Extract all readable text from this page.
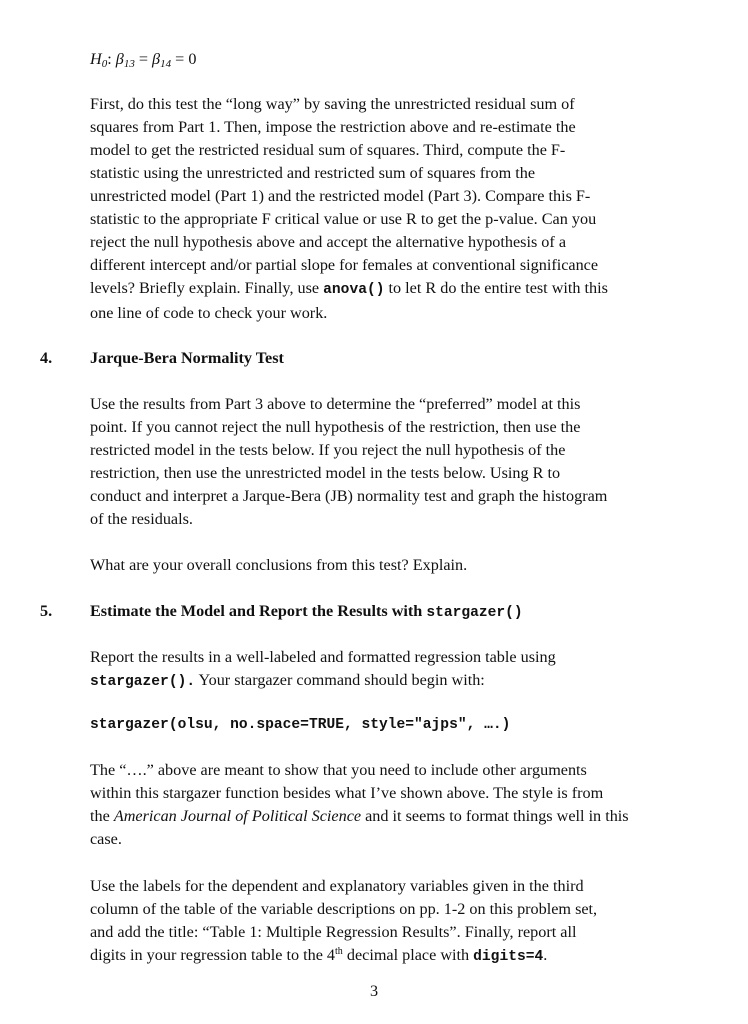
$H_0$: $\beta_{13} = \beta_{14} = 0$
First, do this test the “long way” by saving the unrestricted residual sum of
squares from Part 1. Then, impose the restriction above and re-estimate the
model to get the restricted residual sum of squares. Third, compute the F-
statistic using the unrestricted and restricted sum of squares from the
unrestricted model (Part 1) and the restricted model (Part 3). Compare this F-
statistic to the appropriate F critical value or use R to get the p-value. Can you
reject the null hypothesis above and accept the alternative hypothesis of a
different intercept and/or partial slope for females at conventional significance
levels? Briefly explain. Finally, use anova() to let R do the entire test with this
one line of code to check your work.
4. Jarque-Bera Normality Test
Use the results from Part 3 above to determine the “preferred” model at this
point. If you cannot reject the null hypothesis of the restriction, then use the
restricted model in the tests below. If you reject the null hypothesis of the
restriction, then use the unrestricted model in the tests below. Using R to
conduct and interpret a Jarque-Bera (JB) normality test and graph the histogram
of the residuals.
What are your overall conclusions from this test? Explain.
5. Estimate the Model and Report the Results with stargazer()
Report the results in a well-labeled and formatted regression table using
stargazer(). Your stargazer command should begin with:
stargazer(olsu, no.space=TRUE, style="ajps", ….)
The “….” above are meant to show that you need to include other arguments
within this stargazer function besides what I’ve shown above. The style is from
the American Journal of Political Science and it seems to format things well in this
case.
Use the labels for the dependent and explanatory variables given in the third
column of the table of the variable descriptions on pp. 1-2 on this problem set,
and add the title: “Table 1: Multiple Regression Results”. Finally, report all
digits in your regression table to the 4th decimal place with digits=4.
3
